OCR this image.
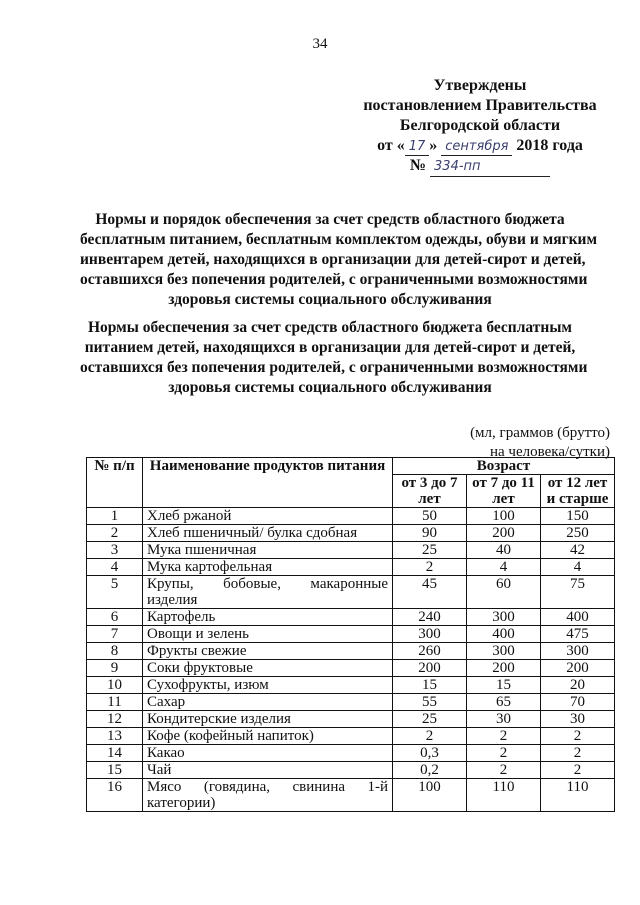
34
Утверждены
постановлением Правительства
Белгородской области
от « 17 » сентября 2018 года
№ 334-пп
Нормы и порядок обеспечения за счет средств областного бюджета
бесплатным питанием, бесплатным комплектом одежды, обуви и мягким
инвентарем детей, находящихся в организации для детей-сирот и детей,
оставшихся без попечения родителей, с ограниченными возможностями
здоровья системы социального обслуживания
Нормы обеспечения за счет средств областного бюджета бесплатным
питанием детей, находящихся в организации для детей-сирот и детей,
оставшихся без попечения родителей, с ограниченными возможностями
здоровья системы социального обслуживания
(мл, граммов (брутто)
на человека/сутки)
№ п/п	Наименование продуктов питания	Возраст		
		от 3 до 7 лет	от 7 до 11 лет	от 12 лет и старше
1	Хлеб ржаной	50	100	150
2	Хлеб пшеничный/ булка сдобная	90	200	250
3	Мука пшеничная	25	40	42
4	Мука картофельная	2	4	4
5	Крупы, бобовые, макаронные изделия	45	60	75
6	Картофель	240	300	400
7	Овощи и зелень	300	400	475
8	Фрукты свежие	260	300	300
9	Соки фруктовые	200	200	200
10	Сухофрукты, изюм	15	15	20
11	Сахар	55	65	70
12	Кондитерские изделия	25	30	30
13	Кофе (кофейный напиток)	2	2	2
14	Какао	0,3	2	2
15	Чай	0,2	2	2
16	Мясо (говядина, свинина 1-й категории)	100	110	110
